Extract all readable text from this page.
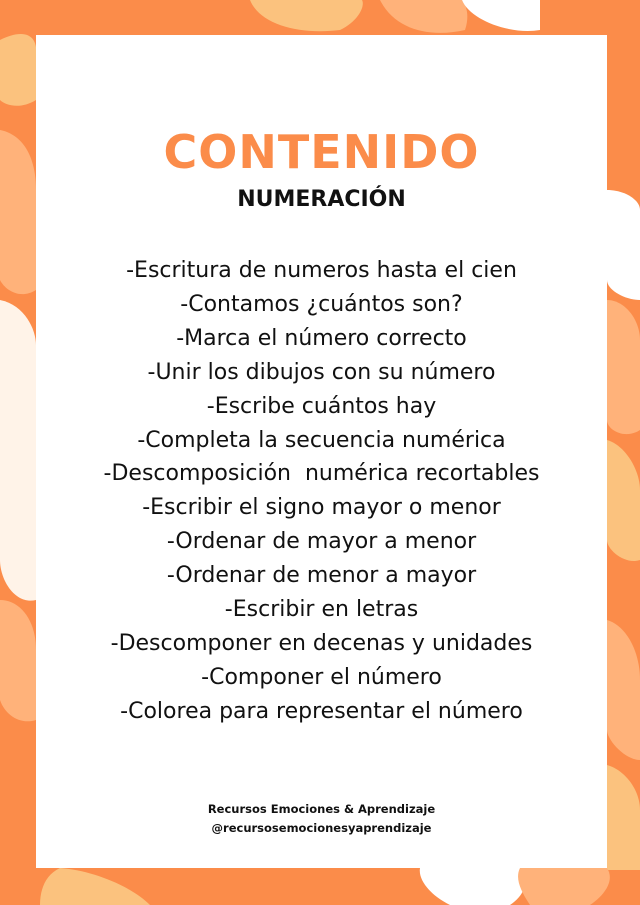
CONTENIDO
NUMERACIÓN
-Escritura de numeros hasta el cien
-Contamos ¿cuántos son?
-Marca el número correcto
-Unir los dibujos con su número
-Escribe cuántos hay
-Completa la secuencia numérica
-Descomposición  numérica recortables
-Escribir el signo mayor o menor
-Ordenar de mayor a menor
-Ordenar de menor a mayor
-Escribir en letras
-Descomponer en decenas y unidades
-Componer el número
-Colorea para representar el número
Recursos Emociones & Aprendizaje
@recursosemocionesyaprendizaje
